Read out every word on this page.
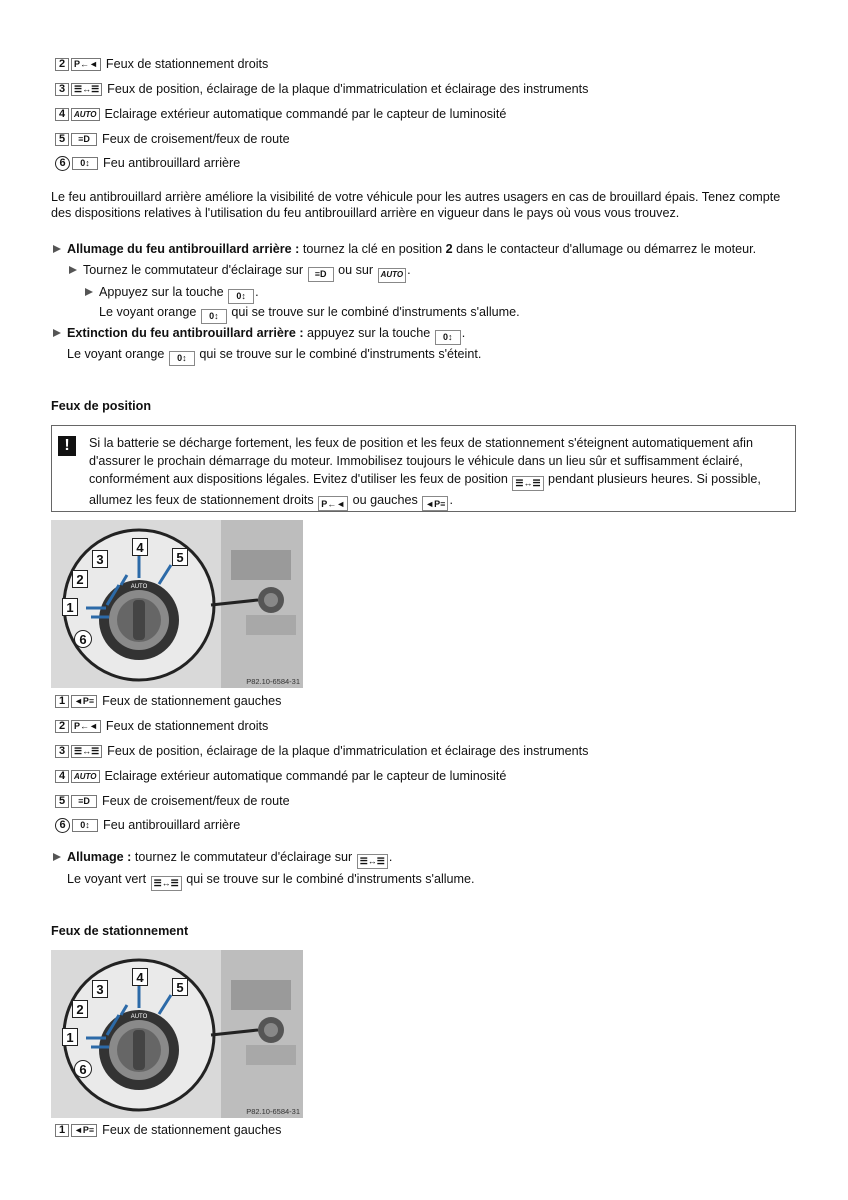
2 P←◄ Feux de stationnement droits
3 ☰↔☰ Feux de position, éclairage de la plaque d'immatriculation et éclairage des instruments
4	AUTO Eclairage extérieur automatique commandé par le capteur de luminosité
5	≡D Feux de croisement/feux de route
6	0↕	Feu antibrouillard arrière
Le feu antibrouillard arrière améliore la visibilité de votre véhicule pour les autres usagers en cas de brouillard épais. Tenez compte des dispositions relatives à l'utilisation du feu antibrouillard arrière en vigueur dans le pays où vous vous trouvez.
Allumage du feu antibrouillard arrière : tournez la clé en position 2 dans le contacteur d'allumage ou démarrez le moteur.
Tournez le commutateur d'éclairage sur ≡D ou sur AUTO .
Appuyez sur la touche 0↕ .
Le voyant orange 0↕ qui se trouve sur le combiné d'instruments s'allume.
Extinction du feu antibrouillard arrière : appuyez sur la touche 0↕ .
Le voyant orange 0↕ qui se trouve sur le combiné d'instruments s'éteint.
Feux de position
!	Si la batterie se décharge fortement, les feux de position et les feux de stationnement s'éteignent automatiquement afin d'assurer le prochain démarrage du moteur. Immobilisez toujours le véhicule dans un lieu sûr et suffisamment éclairé, conformément aux dispositions légales. Evitez d'utiliser les feux de position ☰↔☰ pendant plusieurs heures. Si possible, allumez les feux de stationnement droits P←◄ ou gauches ◄P≡ .
AUTO
3
4
5
2
1
6
P82.10-6584-31
1 ◄P≡ Feux de stationnement gauches
2 P←◄ Feux de stationnement droits
3 ☰↔☰ Feux de position, éclairage de la plaque d'immatriculation et éclairage des instruments
4	AUTO Eclairage extérieur automatique commandé par le capteur de luminosité
5	≡D Feux de croisement/feux de route
6	0↕	Feu antibrouillard arrière
Allumage : tournez le commutateur d'éclairage sur ☰↔☰ .
Le voyant vert ☰↔☰ qui se trouve sur le combiné d'instruments s'allume.
Feux de stationnement
AUTO
3
4
5
2
1
6
P82.10-6584-31
1 ◄P≡ Feux de stationnement gauches
